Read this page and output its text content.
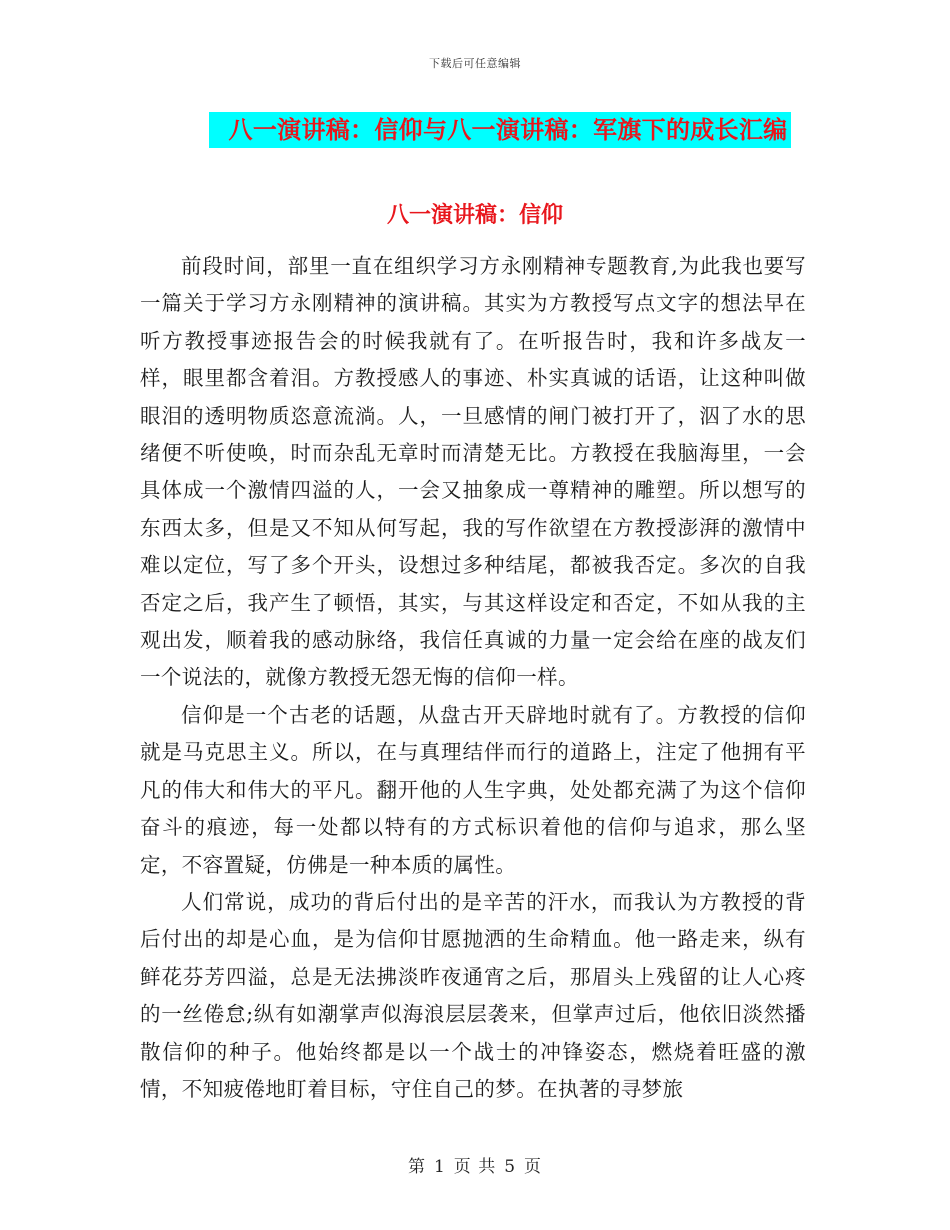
下载后可任意编辑
八一演讲稿：信仰与八一演讲稿：军旗下的成长汇编
八一演讲稿：信仰

前段时间，部里一直在组织学习方永刚精神专题教育,为此我也要写一篇关于学习方永刚精神的演讲稿。其实为方教授写点文字的想法早在听方教授事迹报告会的时候我就有了。在听报告时，我和许多战友一样，眼里都含着泪。方教授感人的事迹、朴实真诚的话语，让这种叫做眼泪的透明物质恣意流淌。人，一旦感情的闸门被打开了，泅了水的思绪便不听使唤，时而杂乱无章时而清楚无比。方教授在我脑海里，一会具体成一个激情四溢的人，一会又抽象成一尊精神的雕塑。所以想写的东西太多，但是又不知从何写起，我的写作欲望在方教授澎湃的激情中难以定位，写了多个开头，设想过多种结尾，都被我否定。多次的自我否定之后，我产生了顿悟，其实，与其这样设定和否定，不如从我的主观出发，顺着我的感动脉络，我信任真诚的力量一定会给在座的战友们一个说法的，就像方教授无怨无悔的信仰一样。

信仰是一个古老的话题，从盘古开天辟地时就有了。方教授的信仰就是马克思主义。所以，在与真理结伴而行的道路上，注定了他拥有平凡的伟大和伟大的平凡。翻开他的人生字典，处处都充满了为这个信仰奋斗的痕迹，每一处都以特有的方式标识着他的信仰与追求，那么坚定，不容置疑，仿佛是一种本质的属性。

人们常说，成功的背后付出的是辛苦的汗水，而我认为方教授的背后付出的却是心血，是为信仰甘愿抛洒的生命精血。他一路走来，纵有鲜花芬芳四溢，总是无法拂淡昨夜通宵之后，那眉头上残留的让人心疼的一丝倦怠;纵有如潮掌声似海浪层层袭来，但掌声过后，他依旧淡然播散信仰的种子。他始终都是以一个战士的冲锋姿态，燃烧着旺盛的激情，不知疲倦地盯着目标，守住自己的梦。在执著的寻梦旅

第 1 页 共 5 页
